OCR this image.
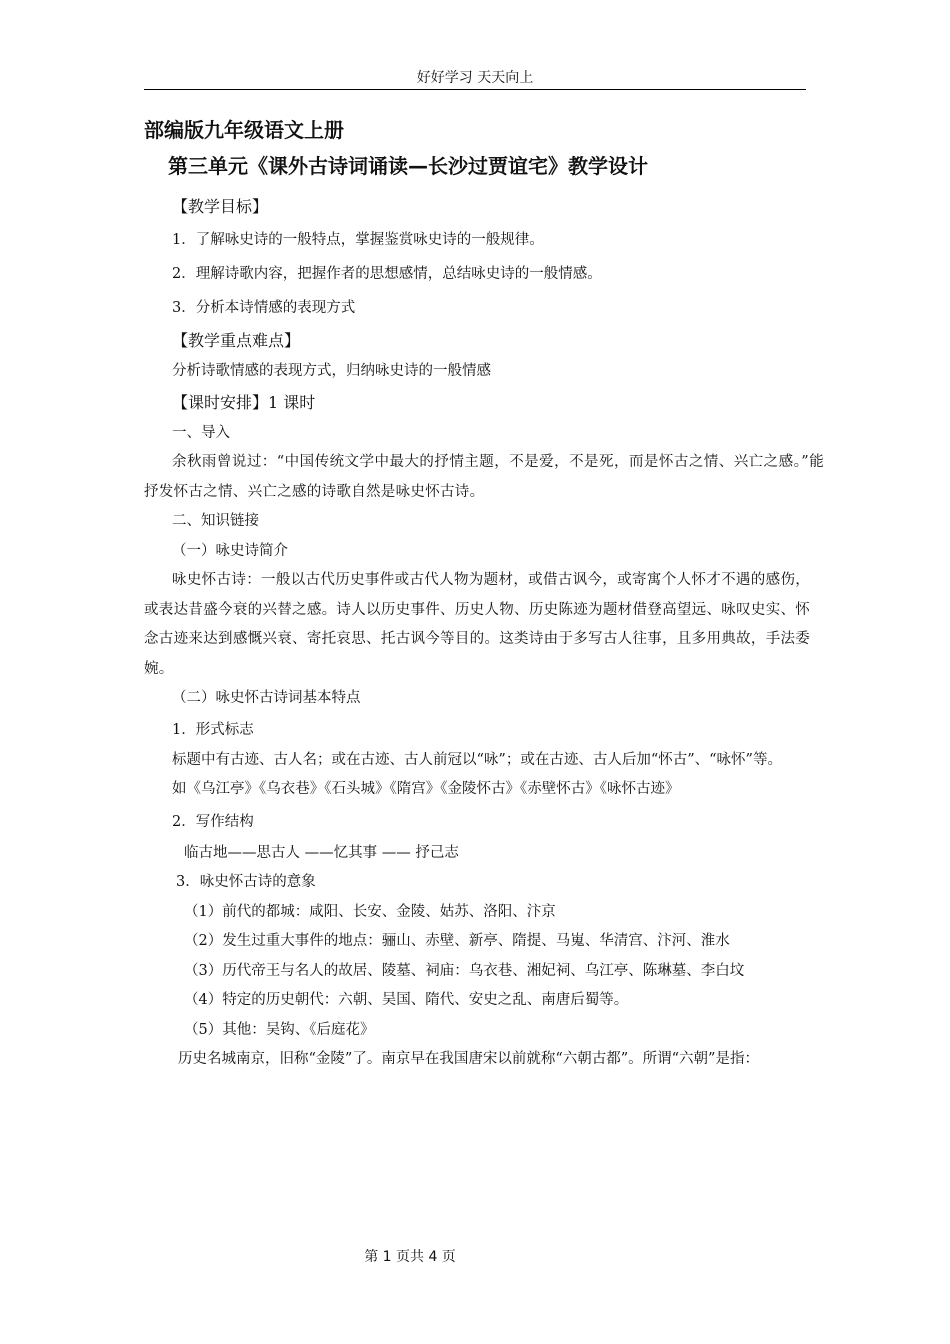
好好学习 天天向上

部编版九年级语文上册

第三单元《课外古诗词诵读—长沙过贾谊宅》教学设计

【教学目标】

1．了解咏史诗的一般特点，掌握鉴赏咏史诗的一般规律。

2．理解诗歌内容，把握作者的思想感情，总结咏史诗的一般情感。

3．分析本诗情感的表现方式

【教学重点难点】

分析诗歌情感的表现方式，归纳咏史诗的一般情感

【课时安排】1 课时

一、导入

余秋雨曾说过：“中国传统文学中最大的抒情主题，不是爱，不是死，而是怀古之情、兴亡之感。”能抒发怀古之情、兴亡之感的诗歌自然是咏史怀古诗。

二、知识链接

（一）咏史诗简介

咏史怀古诗：一般以古代历史事件或古代人物为题材，或借古讽今，或寄寓个人怀才不遇的感伤，或表达昔盛今衰的兴替之感。诗人以历史事件、历史人物、历史陈迹为题材借登高望远、咏叹史实、怀念古迹来达到感慨兴衰、寄托哀思、托古讽今等目的。这类诗由于多写古人往事，且多用典故，手法委婉。

（二）咏史怀古诗词基本特点

1．形式标志

标题中有古迹、古人名；或在古迹、古人前冠以“咏”；或在古迹、古人后加“怀古”、“咏怀”等。

如《乌江亭》《乌衣巷》《石头城》《隋宫》《金陵怀古》《赤壁怀古》《咏怀古迹》

2．写作结构

临古地——思古人 ——忆其事 —— 抒己志

3．咏史怀古诗的意象

（1）前代的都城：咸阳、长安、金陵、姑苏、洛阳、汴京

（2）发生过重大事件的地点：骊山、赤壁、新亭、隋提、马嵬、华清宫、汴河、淮水

（3）历代帝王与名人的故居、陵墓、祠庙：乌衣巷、湘妃祠、乌江亭、陈琳墓、李白坟

（4）特定的历史朝代：六朝、吴国、隋代、安史之乱、南唐后蜀等。

（5）其他：吴钩、《后庭花》

历史名城南京，旧称“金陵”了。南京早在我国唐宋以前就称“六朝古都”。所谓“六朝”是指：

第 1 页共 4 页
